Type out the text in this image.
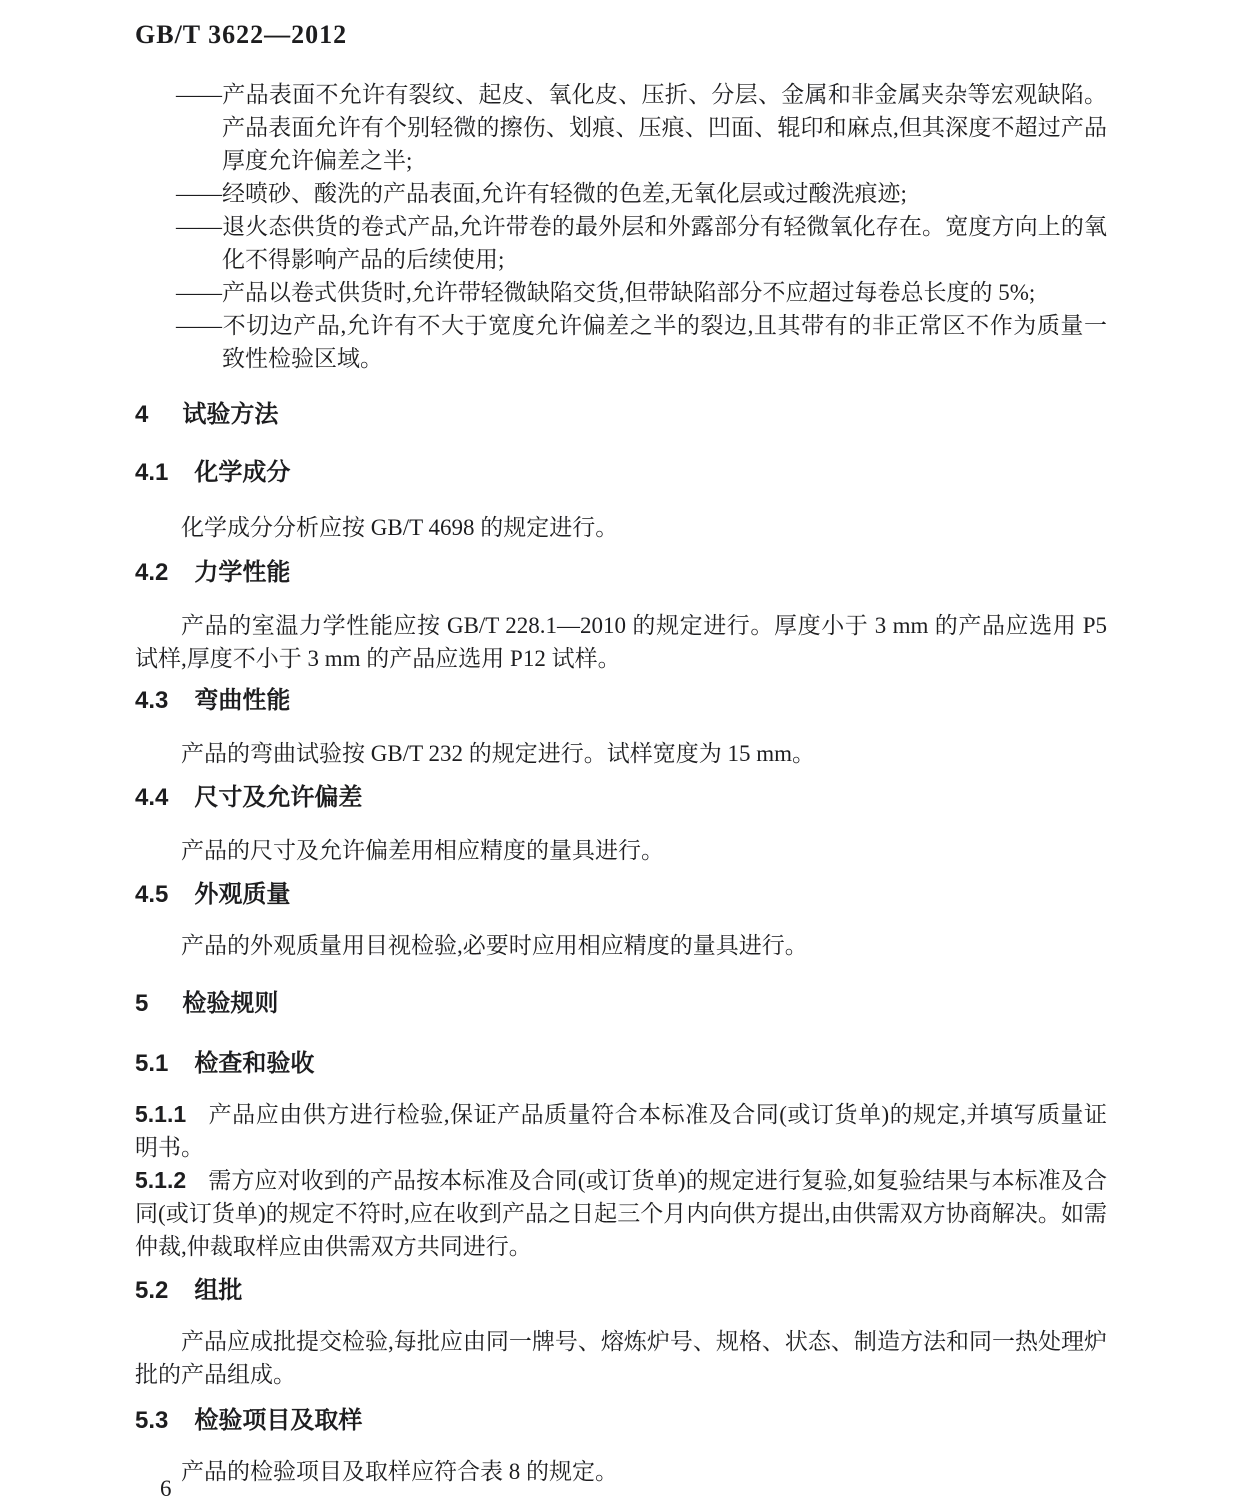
GB/T 3622—2012
——产品表面不允许有裂纹、起皮、氧化皮、压折、分层、金属和非金属夹杂等宏观缺陷。产品表面允许有个别轻微的擦伤、划痕、压痕、凹面、辊印和麻点,但其深度不超过产品厚度允许偏差之半;
——经喷砂、酸洗的产品表面,允许有轻微的色差,无氧化层或过酸洗痕迹;
——退火态供货的卷式产品,允许带卷的最外层和外露部分有轻微氧化存在。宽度方向上的氧化不得影响产品的后续使用;
——产品以卷式供货时,允许带轻微缺陷交货,但带缺陷部分不应超过每卷总长度的 5%;
——不切边产品,允许有不大于宽度允许偏差之半的裂边,且其带有的非正常区不作为质量一致性检验区域。
4 试验方法
4.1 化学成分

化学成分分析应按 GB/T 4698 的规定进行。

4.2 力学性能

产品的室温力学性能应按 GB/T 228.1—2010 的规定进行。厚度小于 3 mm 的产品应选用 P5 试样,厚度不小于 3 mm 的产品应选用 P12 试样。

4.3 弯曲性能

产品的弯曲试验按 GB/T 232 的规定进行。试样宽度为 15 mm。

4.4 尺寸及允许偏差

产品的尺寸及允许偏差用相应精度的量具进行。

4.5 外观质量

产品的外观质量用目视检验,必要时应用相应精度的量具进行。

5 检验规则
5.1 检查和验收

5.1.1 产品应由供方进行检验,保证产品质量符合本标准及合同(或订货单)的规定,并填写质量证明书。

5.1.2 需方应对收到的产品按本标准及合同(或订货单)的规定进行复验,如复验结果与本标准及合同(或订货单)的规定不符时,应在收到产品之日起三个月内向供方提出,由供需双方协商解决。如需仲裁,仲裁取样应由供需双方共同进行。

5.2 组批

产品应成批提交检验,每批应由同一牌号、熔炼炉号、规格、状态、制造方法和同一热处理炉批的产品组成。

5.3 检验项目及取样

产品的检验项目及取样应符合表 8 的规定。

6
